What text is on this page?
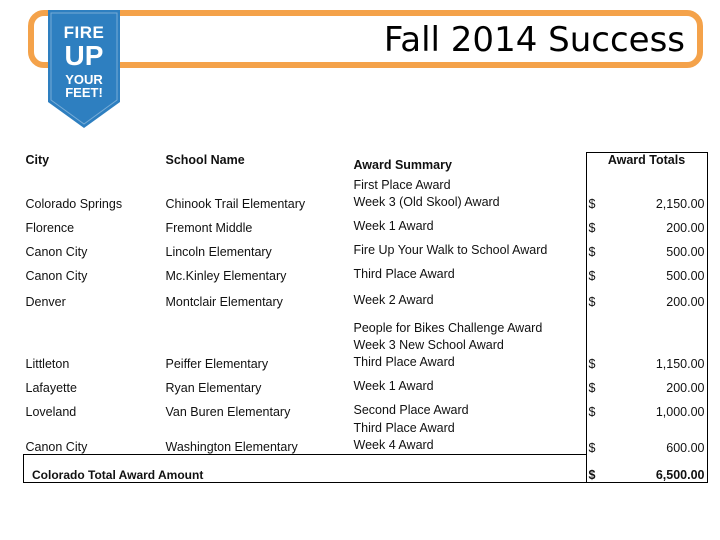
Fall 2014 Success
FIRE
UP
YOUR
FEET!
City	School Name	Award Summary	Award Totals	
Colorado Springs	Chinook Trail Elementary	First Place Award
Week 3 (Old Skool) Award	$	2,150.00
Florence	Fremont Middle	Week 1 Award	$	200.00
Canon City	Lincoln Elementary	Fire Up Your Walk to School Award	$	500.00
Canon City	Mc.Kinley Elementary	Third Place Award	$	500.00
Denver	Montclair Elementary	Week 2 Award	$	200.00
Littleton	Peiffer Elementary	People for Bikes Challenge Award
Week 3 New School Award
Third Place Award	$	1,150.00
Lafayette	Ryan Elementary	Week 1 Award	$	200.00
Loveland	Van Buren Elementary	Second Place Award	$	1,000.00
Canon City	Washington Elementary	Third Place Award
Week 4 Award	$	600.00
Colorado Total Award Amount			$	6,500.00
